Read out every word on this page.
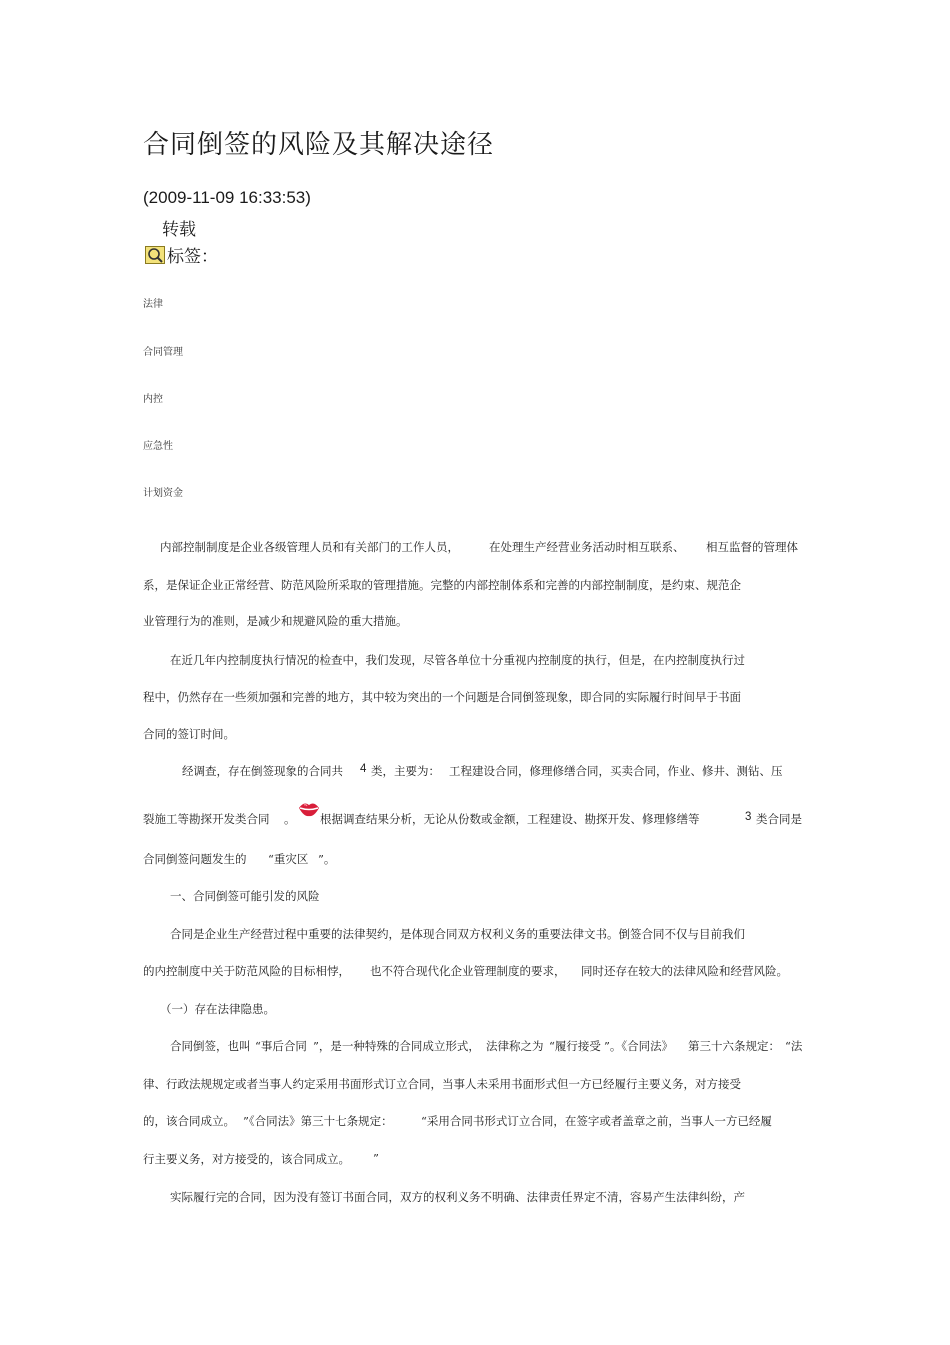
合同倒签的风险及其解决途径
(2009-11-09 16:33:53)
转载
标签：
法律
合同管理
内控
应急性
计划资金
内部控制制度是企业各级管理人员和有关部门的工作人员，	在处理生产经营业务活动时相互联系、 相互监督的管理体
系，是保证企业正常经营、防范风险所采取的管理措施。完整的内部控制体系和完善的内部控制制度，是约束、规范企
业管理行为的准则，是减少和规避风险的重大措施。
在近几年内控制度执行情况的检查中，我们发现，尽管各单位十分重视内控制度的执行，但是，在内控制度执行过
程中，仍然存在一些须加强和完善的地方，其中较为突出的一个问题是合同倒签现象，即合同的实际履行时间早于书面
合同的签订时间。
经调查，存在倒签现象的合同共 4 类，主要为： 工程建设合同，修理修缮合同，买卖合同，作业、修井、测钻、压
裂施工等勘探开发类合同 。 根据调查结果分析，无论从份数或金额，工程建设、勘探开发、修理修缮等	3 类合同是
合同倒签问题发生的 “重灾区 ”。
一、合同倒签可能引发的风险
合同是企业生产经营过程中重要的法律契约，是体现合同双方权利义务的重要法律文书。倒签合同不仅与目前我们
的内控制度中关于防范风险的目标相悖， 也不符合现代化企业管理制度的要求， 同时还存在较大的法律风险和经营风险。
（一）存在法律隐患。
合同倒签，也叫 “事后合同 ”，是一种特殊的合同成立形式， 法律称之为 “履行接受 ”。《合同法》 第三十六条规定： “法
律、行政法规规定或者当事人约定采用书面形式订立合同，当事人未采用书面形式但一方已经履行主要义务，对方接受
的，该合同成立。 ”《合同法》第三十七条规定： “采用合同书形式订立合同，在签字或者盖章之前，当事人一方已经履
行主要义务，对方接受的，该合同成立。 ”
实际履行完的合同，因为没有签订书面合同，双方的权利义务不明确、法律责任界定不清，容易产生法律纠纷，产
